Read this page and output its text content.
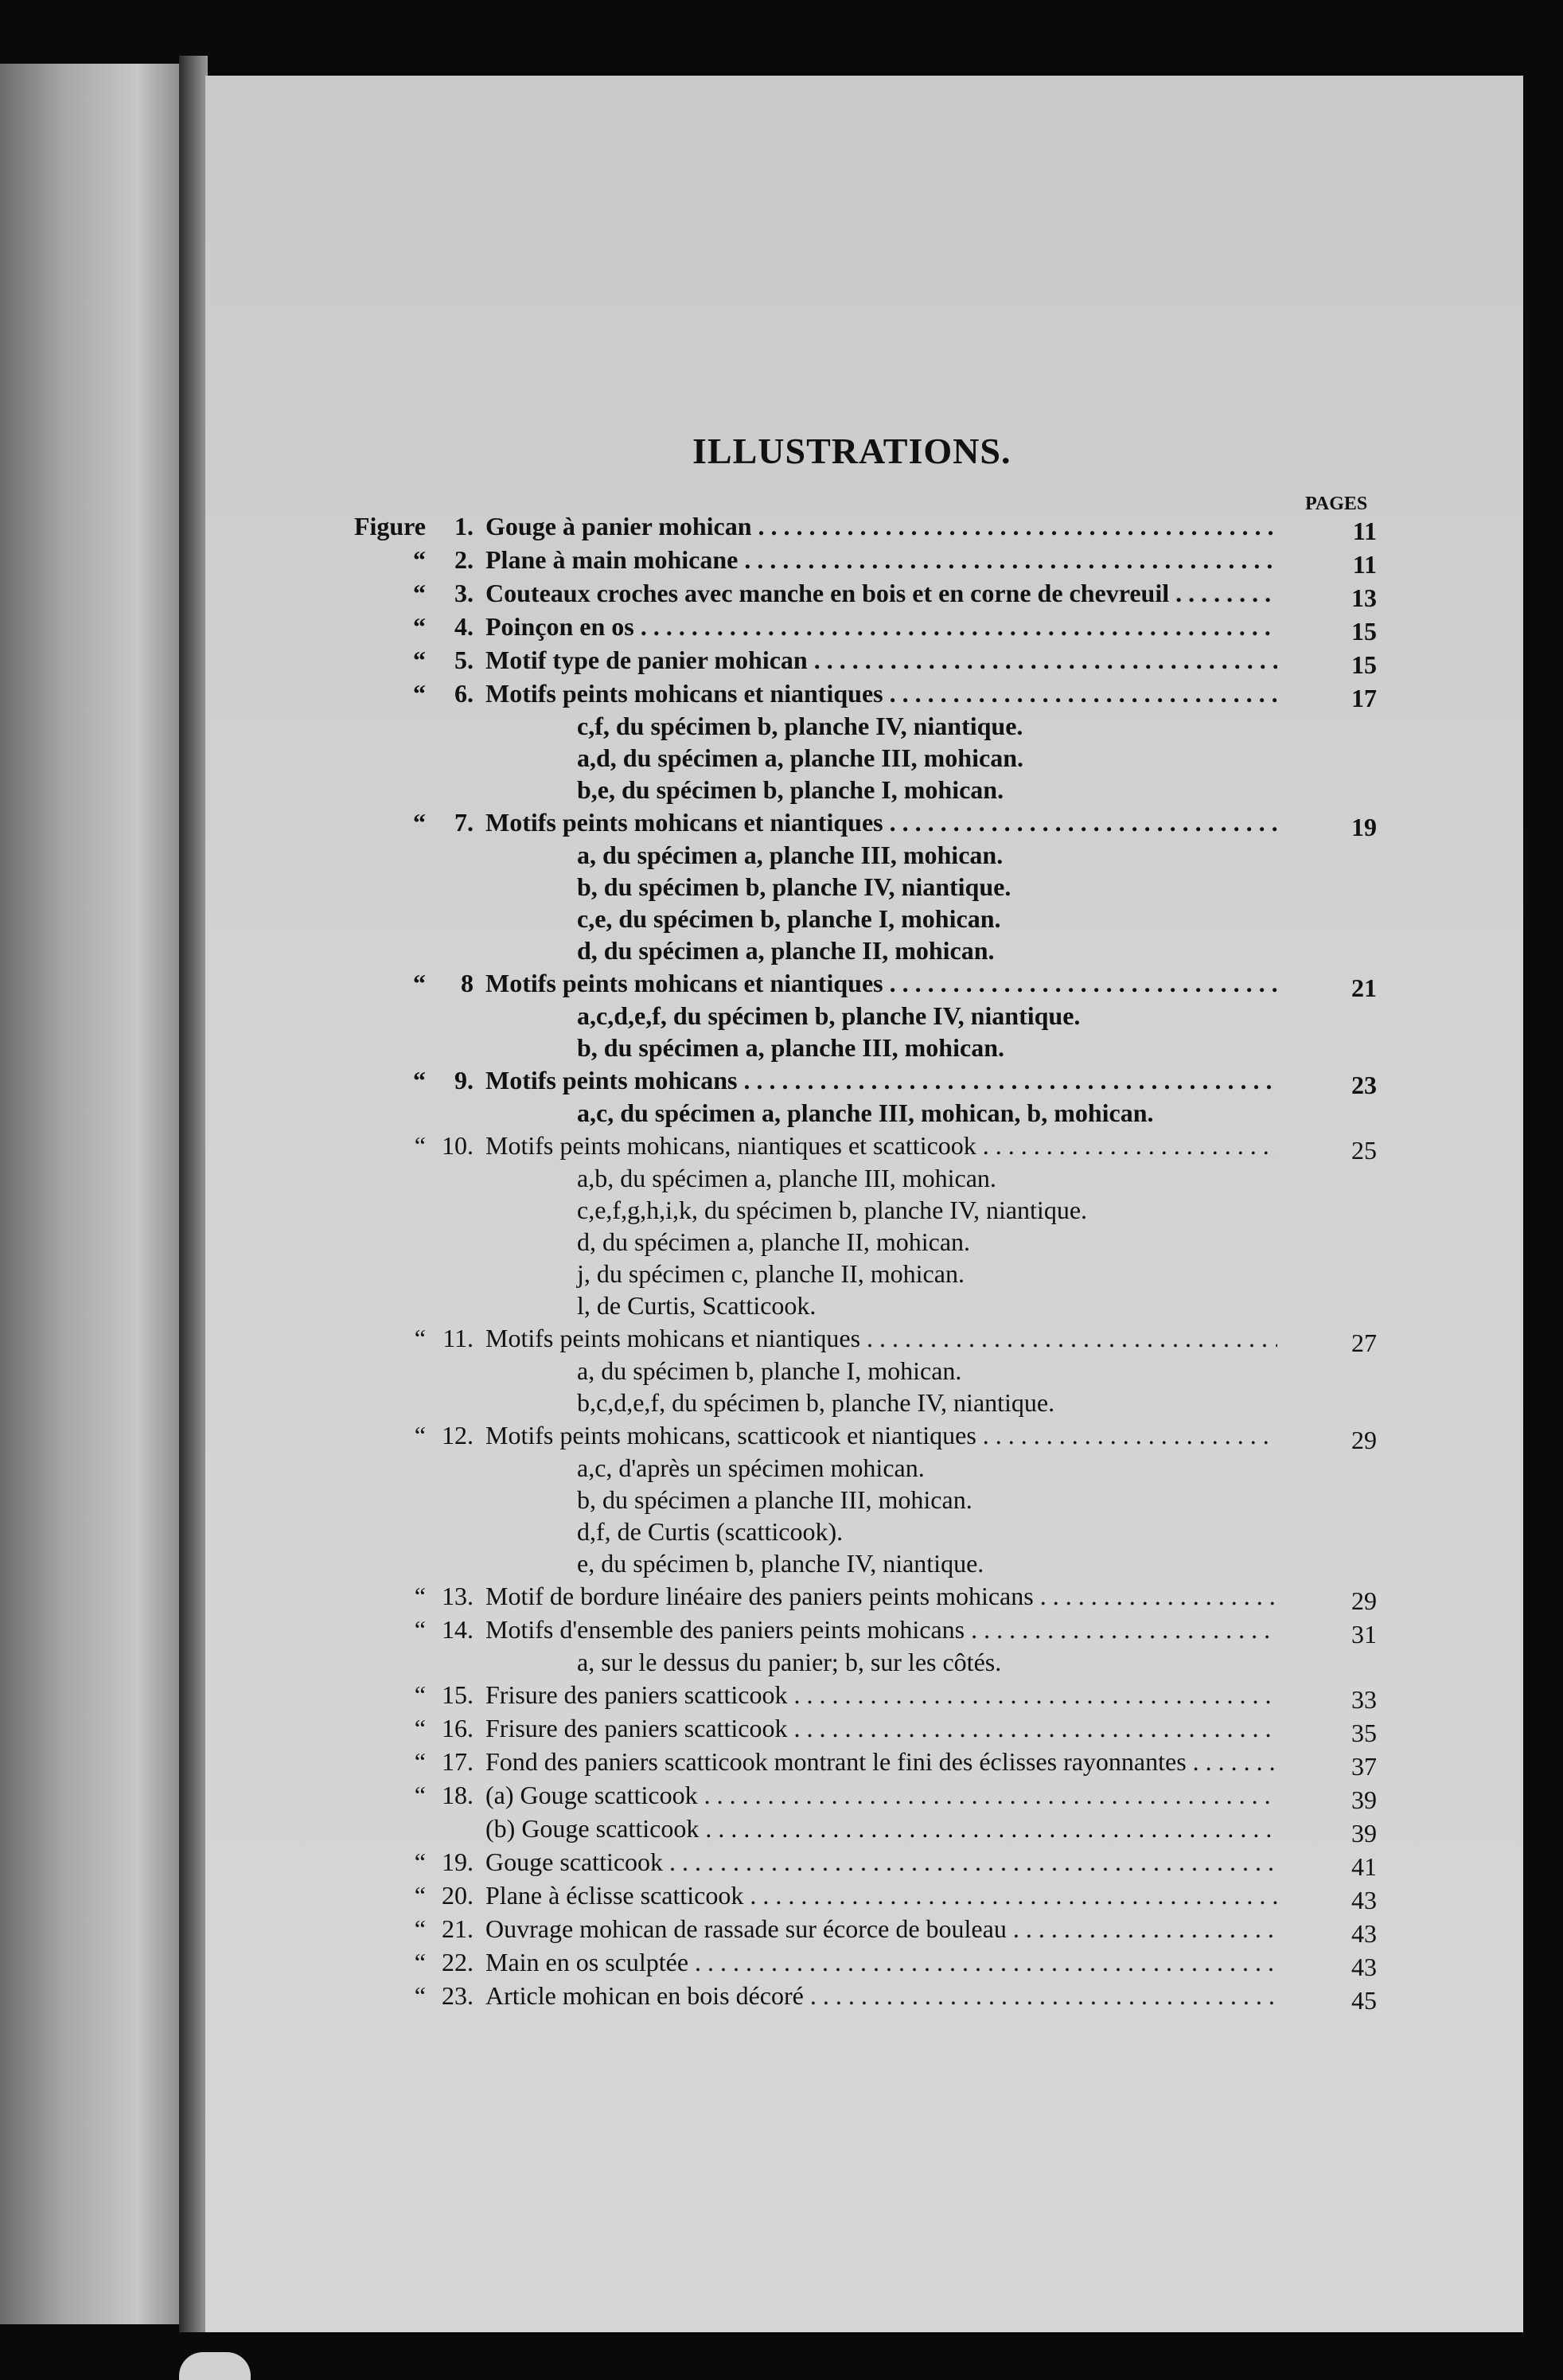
ILLUSTRATIONS.
PAGES
Figure	1. Gouge à panier mohican . . .	11
“	2. Plane à main mohicane . . .	11
“	3. Couteaux croches avec manche en bois et en corne de chevreuil . . .	13
“	4. Poinçon en os . . .	15
“	5. Motif type de panier mohican . . .	15
“	6. Motifs peints mohicans et niantiques . . .	17
c,f, du spécimen b, planche IV, niantique.
a,d, du spécimen a, planche III, mohican.
b,e, du spécimen b, planche I, mohican.
“	7. Motifs peints mohicans et niantiques . . .	19
a, du spécimen a, planche III, mohican.
b, du spécimen b, planche IV, niantique.
c,e, du spécimen b, planche I, mohican.
d, du spécimen a, planche II, mohican.
“	8 Motifs peints mohicans et niantiques . . .	21
a,c,d,e,f, du spécimen b, planche IV, niantique.
b, du spécimen a, planche III, mohican.
“	9. Motifs peints mohicans . . .	23
a,c, du spécimen a, planche III, mohican, b, mohican.
“ 10. Motifs peints mohicans, niantiques et scatticook . . .	25
a,b, du spécimen a, planche III, mohican.
c,e,f,g,h,i,k, du spécimen b, planche IV, niantique.
d, du spécimen a, planche II, mohican.
j, du spécimen c, planche II, mohican.
l, de Curtis, Scatticook.
“ 11. Motifs peints mohicans et niantiques . . .	27
a, du spécimen b, planche I, mohican.
b,c,d,e,f, du spécimen b, planche IV, niantique.
“ 12. Motifs peints mohicans, scatticook et niantiques . . .	29
a,c, d'après un spécimen mohican.
b, du spécimen a planche III, mohican.
d,f, de Curtis (scatticook).
e, du spécimen b, planche IV, niantique.
“ 13. Motif de bordure linéaire des paniers peints mohicans . . .	29
“ 14. Motifs d'ensemble des paniers peints mohicans . . .	31
a, sur le dessus du panier; b, sur les côtés.
“ 15. Frisure des paniers scatticook . . .	33
“ 16. Frisure des paniers scatticook . . .	35
“ 17. Fond des paniers scatticook montrant le fini des éclisses rayonnantes . . .	37
“ 18. (a) Gouge scatticook . . .	39
(b) Gouge scatticook . . .	39
“ 19. Gouge scatticook . . .	41
“ 20. Plane à éclisse scatticook . . .	43
“ 21. Ouvrage mohican de rassade sur écorce de bouleau . . .	43
“ 22. Main en os sculptée . . .	43
“ 23. Article mohican en bois décoré . . .	45
